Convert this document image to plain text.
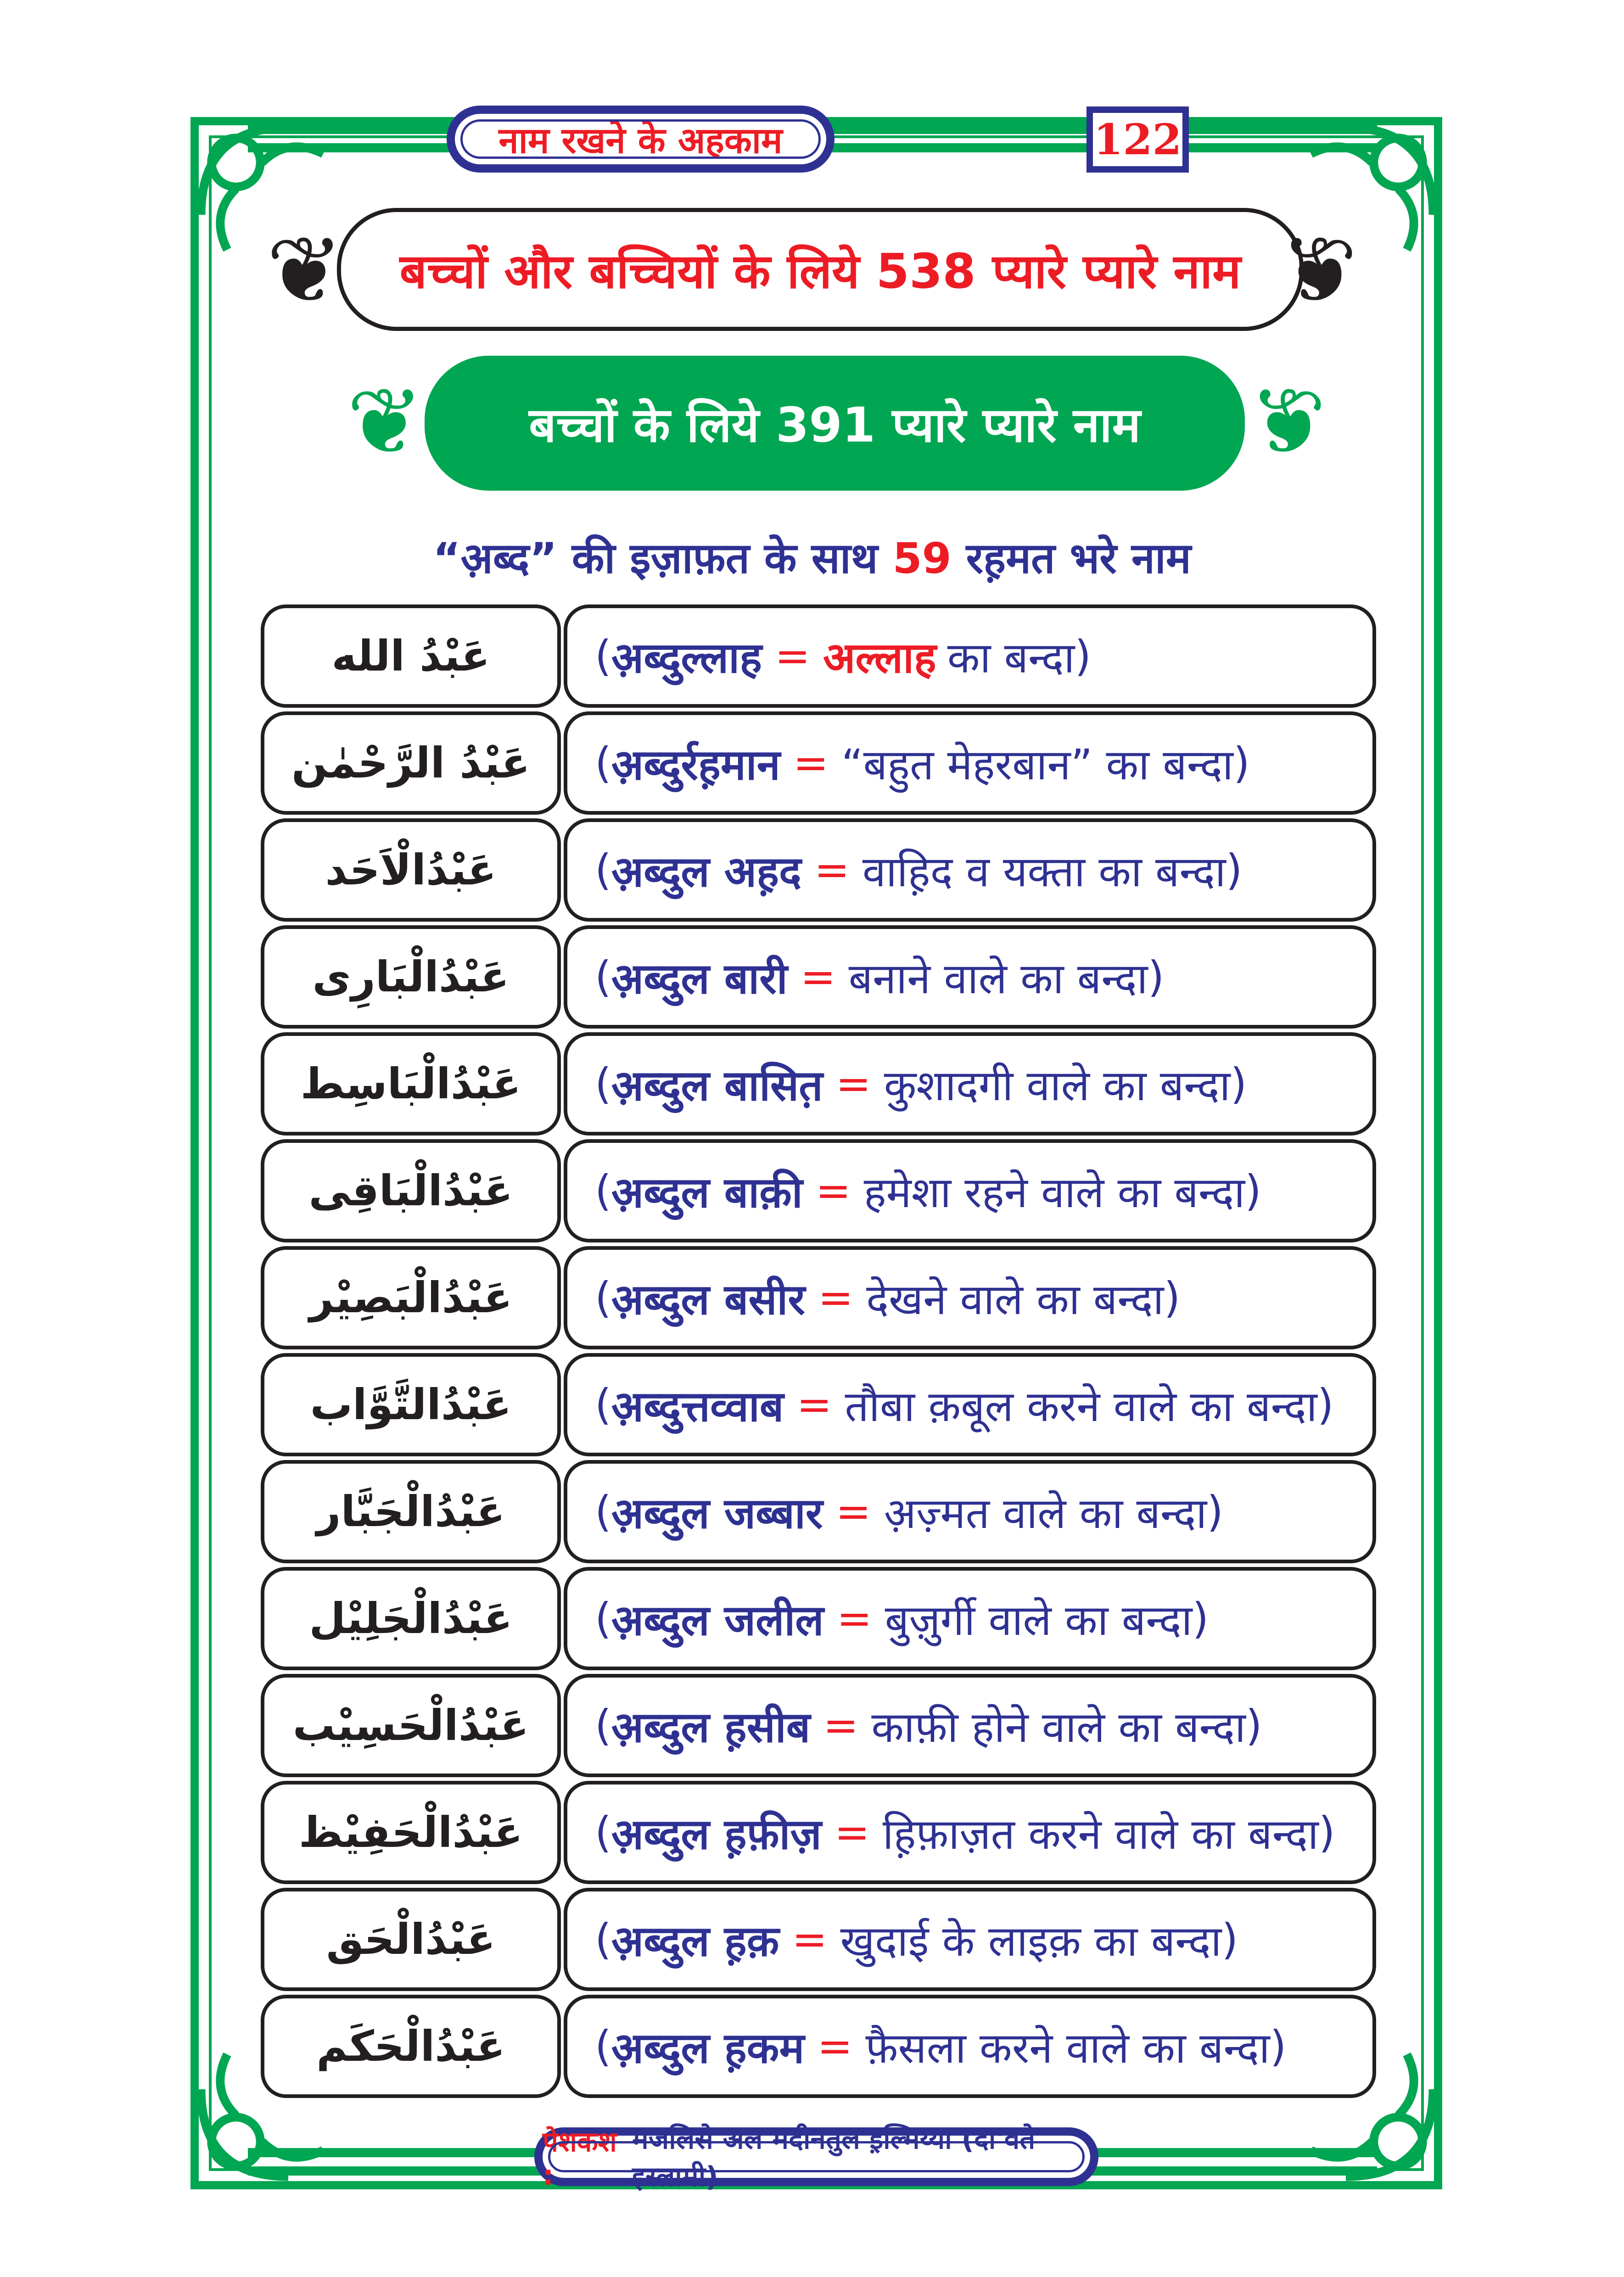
नाम रखने के अहकाम	122
❦	❦
बच्चों और बच्चियों के लिये 538 प्यारे प्यारे नाम
बच्चों के लिये 391 प्यारे प्यारे नाम
❦	❦
“अ़ब्द” की इज़ाफ़त के साथ 59 रह़मत भरे नाम
عَبْدُ الله	( अ़ब्दुल्लाह = अल्लाह का बन्दा )
عَبْدُ الرَّحْمٰن	( अ़ब्दुर्रह़मान = “बहुत मेहरबान” का बन्दा )
عَبْدُالْاَحَد	( अ़ब्दुल अह़द = वाह़िद व यक्ता का बन्दा )
عَبْدُالْبَارِی	( अ़ब्दुल बारी = बनाने वाले का बन्दा )
عَبْدُالْبَاسِط	( अ़ब्दुल बासित़ = कुशादगी वाले का बन्दा )
عَبْدُالْبَاقِی	( अ़ब्दुल बाक़ी = हमेशा रहने वाले का बन्दा )
عَبْدُالْبَصِیْر	( अ़ब्दुल बसीर = देखने वाले का बन्दा )
عَبْدُالتَّوَّاب	( अ़ब्दुत्तव्वाब = तौबा क़बूल करने वाले का बन्दा )
عَبْدُالْجَبَّار	( अ़ब्दुल जब्बार = अ़ज़्मत वाले का बन्दा )
عَبْدُالْجَلِیْل	( अ़ब्दुल जलील = बुज़ुर्गी वाले का बन्दा )
عَبْدُالْحَسِیْب	( अ़ब्दुल ह़सीब = काफ़ी होने वाले का बन्दा )
عَبْدُالْحَفِیْظ	( अ़ब्दुल ह़फ़ीज़ = ह़िफ़ाज़त करने वाले का बन्दा )
عَبْدُالْحَق	( अ़ब्दुल ह़क़ = खुदाई के लाइक़ का बन्दा )
عَبْدُالْحَکَم	( अ़ब्दुल ह़कम = फ़ैसला करने वाले का बन्दा )
पेशकश :

मजलिसे अल मदीनतुल इ़ल्मिय्या (दा'वते इस्लामी)
